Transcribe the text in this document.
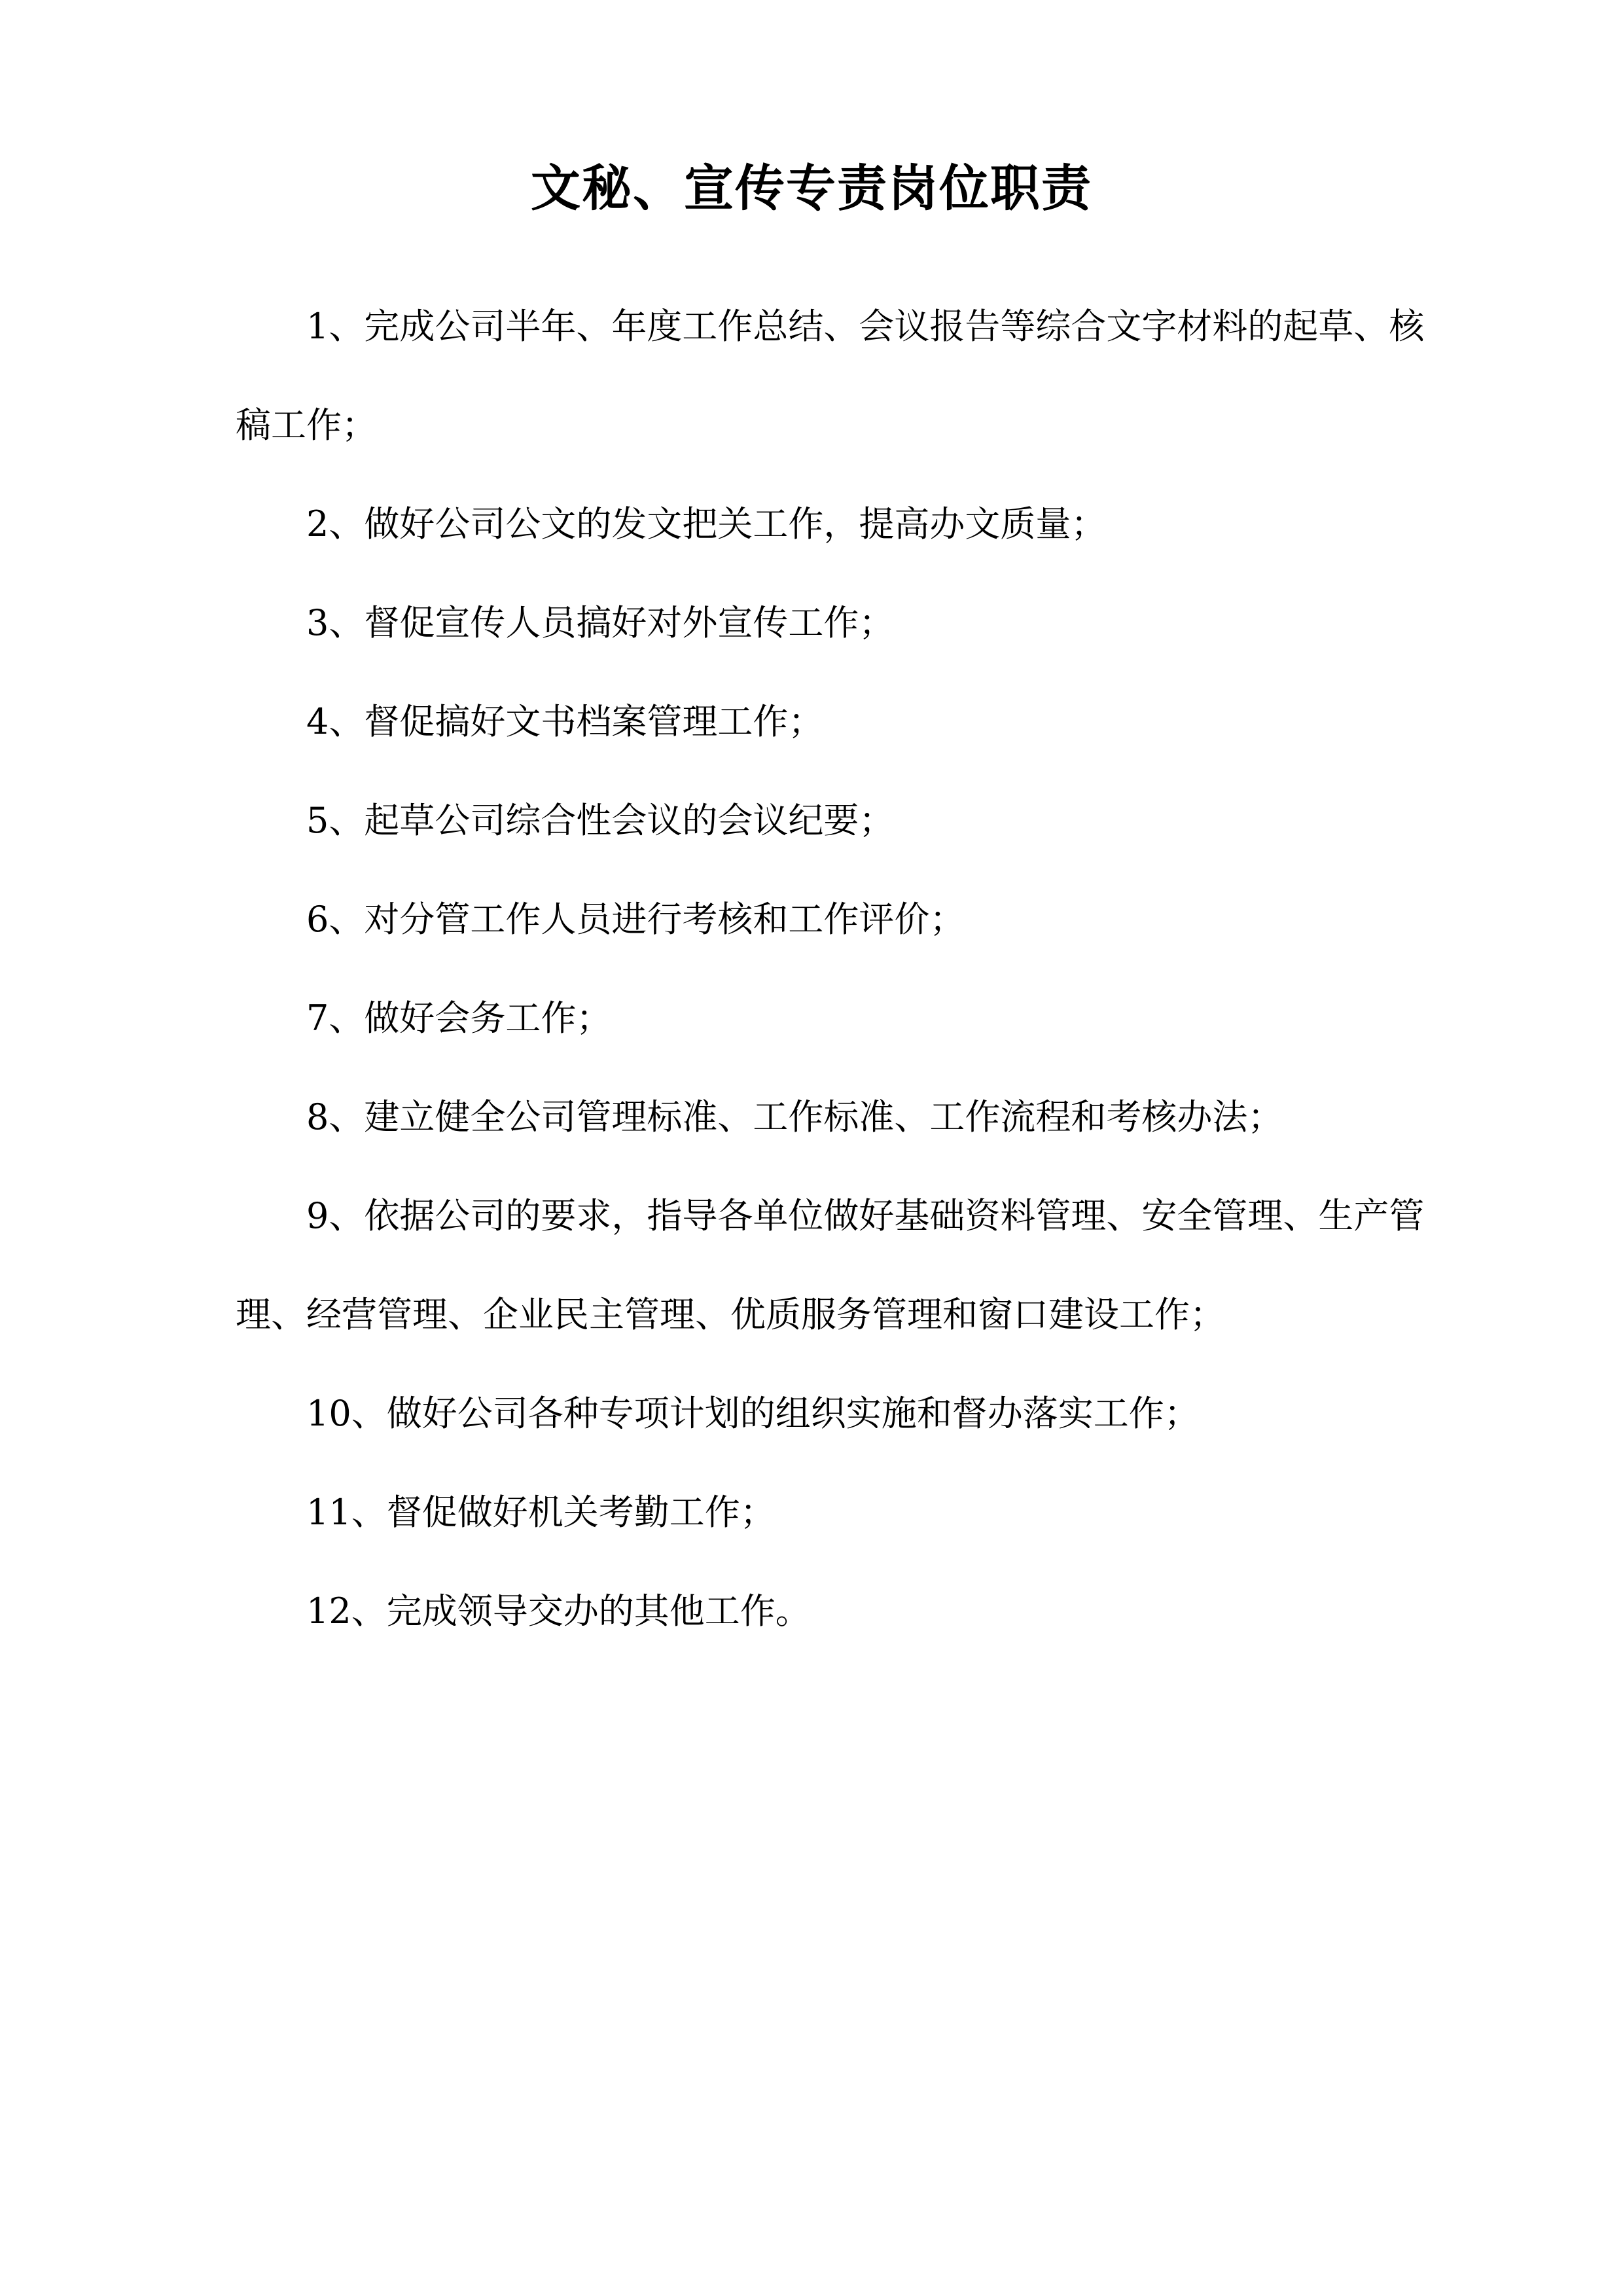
文秘、宣传专责岗位职责

1、完成公司半年、年度工作总结、会议报告等综合文字材料的起草、核稿工作；

2、做好公司公文的发文把关工作，提高办文质量；

3、督促宣传人员搞好对外宣传工作；

4、督促搞好文书档案管理工作；

5、起草公司综合性会议的会议纪要；

6、对分管工作人员进行考核和工作评价；

7、做好会务工作；

8、建立健全公司管理标准、工作标准、工作流程和考核办法；

9、依据公司的要求，指导各单位做好基础资料管理、安全管理、生产管 理、经营管理、企业民主管理、优质服务管理和窗口建设工作；

10、做好公司各种专项计划的组织实施和督办落实工作；

11、督促做好机关考勤工作；

12、完成领导交办的其他工作。
